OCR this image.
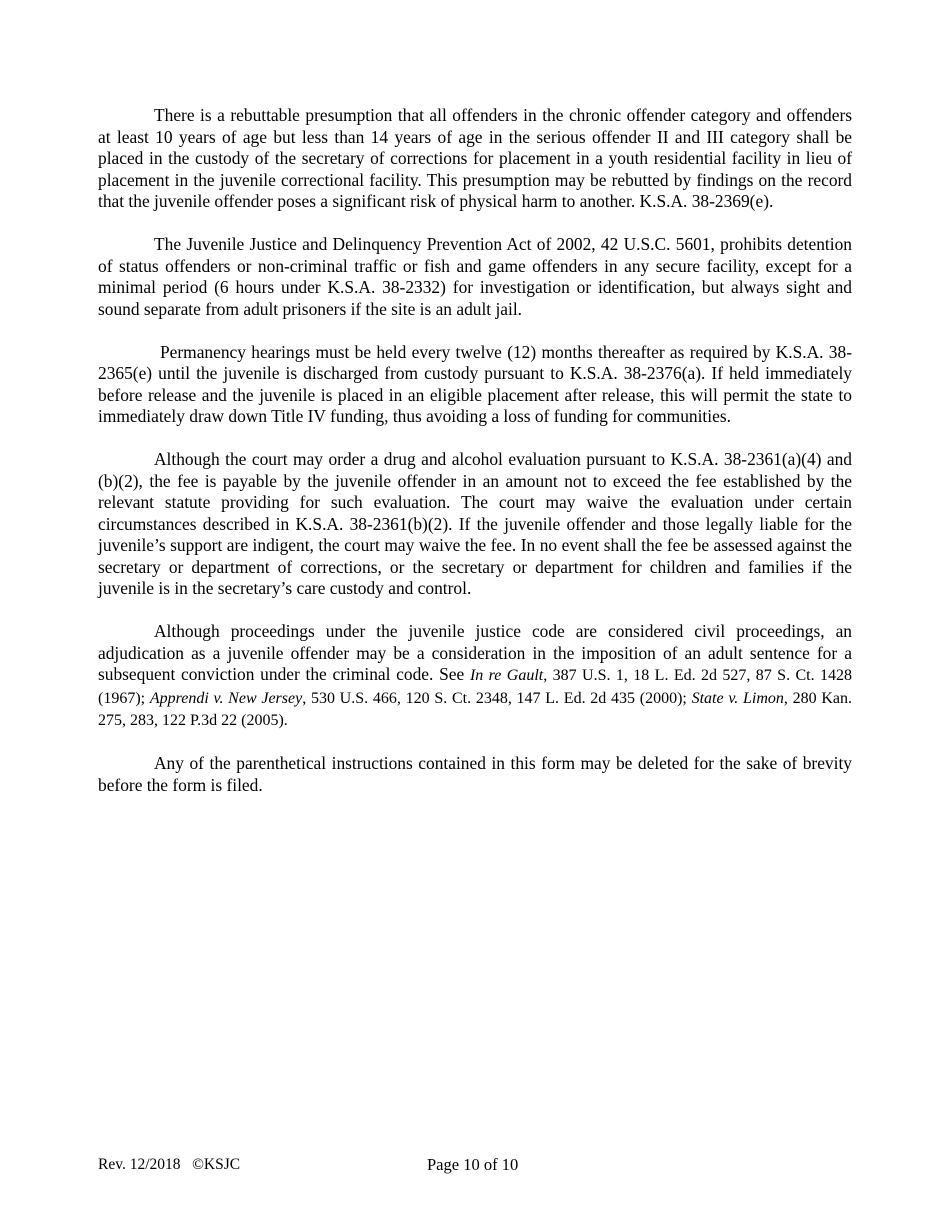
There is a rebuttable presumption that all offenders in the chronic offender category and offenders at least 10 years of age but less than 14 years of age in the serious offender II and III category shall be placed in the custody of the secretary of corrections for placement in a youth residential facility in lieu of placement in the juvenile correctional facility. This presumption may be rebutted by findings on the record that the juvenile offender poses a significant risk of physical harm to another. K.S.A. 38-2369(e).

The Juvenile Justice and Delinquency Prevention Act of 2002, 42 U.S.C. 5601, prohibits detention of status offenders or non-criminal traffic or fish and game offenders in any secure facility, except for a minimal period (6 hours under K.S.A. 38-2332) for investigation or identification, but always sight and sound separate from adult prisoners if the site is an adult jail.

Permanency hearings must be held every twelve (12) months thereafter as required by K.S.A. 38-2365(e) until the juvenile is discharged from custody pursuant to K.S.A. 38-2376(a). If held immediately before release and the juvenile is placed in an eligible placement after release, this will permit the state to immediately draw down Title IV funding, thus avoiding a loss of funding for communities.

Although the court may order a drug and alcohol evaluation pursuant to K.S.A. 38-2361(a)(4) and (b)(2), the fee is payable by the juvenile offender in an amount not to exceed the fee established by the relevant statute providing for such evaluation. The court may waive the evaluation under certain circumstances described in K.S.A. 38-2361(b)(2). If the juvenile offender and those legally liable for the juvenile’s support are indigent, the court may waive the fee. In no event shall the fee be assessed against the secretary or department of corrections, or the secretary or department for children and families if the juvenile is in the secretary’s care custody and control.

Although proceedings under the juvenile justice code are considered civil proceedings, an adjudication as a juvenile offender may be a consideration in the imposition of an adult sentence for a subsequent conviction under the criminal code. See In re Gault, 387 U.S. 1, 18 L. Ed. 2d 527, 87 S. Ct. 1428 (1967); Apprendi v. New Jersey, 530 U.S. 466, 120 S. Ct. 2348, 147 L. Ed. 2d 435 (2000); State v. Limon, 280 Kan. 275, 283, 122 P.3d 22 (2005).

Any of the parenthetical instructions contained in this form may be deleted for the sake of brevity before the form is filed.

Rev. 12/2018   ©KSJC	Page 10 of 10
